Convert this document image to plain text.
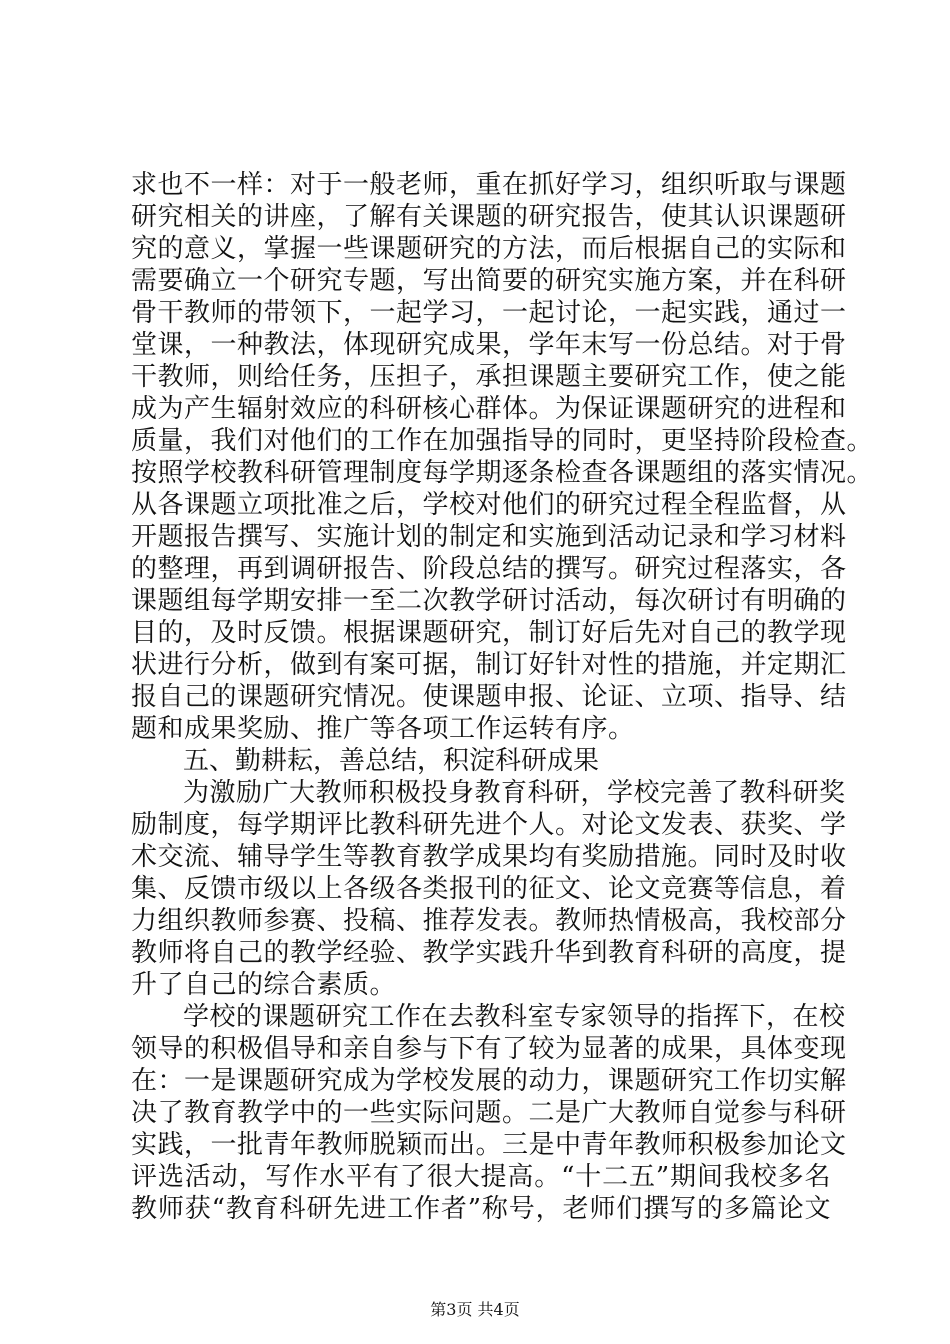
求也不一样：对于一般老师，重在抓好学习，组织听取与课题
研究相关的讲座，了解有关课题的研究报告，使其认识课题研
究的意义，掌握一些课题研究的方法，而后根据自己的实际和
需要确立一个研究专题，写出简要的研究实施方案，并在科研
骨干教师的带领下，一起学习，一起讨论，一起实践，通过一
堂课，一种教法，体现研究成果，学年末写一份总结。对于骨
干教师，则给任务，压担子，承担课题主要研究工作，使之能
成为产生辐射效应的科研核心群体。为保证课题研究的进程和
质量，我们对他们的工作在加强指导的同时，更坚持阶段检查。
按照学校教科研管理制度每学期逐条检查各课题组的落实情况。
从各课题立项批准之后，学校对他们的研究过程全程监督，从
开题报告撰写、实施计划的制定和实施到活动记录和学习材料
的整理，再到调研报告、阶段总结的撰写。研究过程落实，各
课题组每学期安排一至二次教学研讨活动，每次研讨有明确的
目的，及时反馈。根据课题研究，制订好后先对自己的教学现
状进行分析，做到有案可据，制订好针对性的措施，并定期汇
报自己的课题研究情况。使课题申报、论证、立项、指导、结
题和成果奖励、推广等各项工作运转有序。
五、勤耕耘，善总结，积淀科研成果
为激励广大教师积极投身教育科研，学校完善了教科研奖
励制度，每学期评比教科研先进个人。对论文发表、获奖、学
术交流、辅导学生等教育教学成果均有奖励措施。同时及时收
集、反馈市级以上各级各类报刊的征文、论文竞赛等信息，着
力组织教师参赛、投稿、推荐发表。教师热情极高，我校部分
教师将自己的教学经验、教学实践升华到教育科研的高度，提
升了自己的综合素质。
学校的课题研究工作在去教科室专家领导的指挥下，在校
领导的积极倡导和亲自参与下有了较为显著的成果，具体变现
在：一是课题研究成为学校发展的动力，课题研究工作切实解
决了教育教学中的一些实际问题。二是广大教师自觉参与科研
实践，一批青年教师脱颖而出。三是中青年教师积极参加论文
评选活动，写作水平有了很大提高。“十二五”期间我校多名
教师获“教育科研先进工作者”称号，老师们撰写的多篇论文
第3页 共4页
